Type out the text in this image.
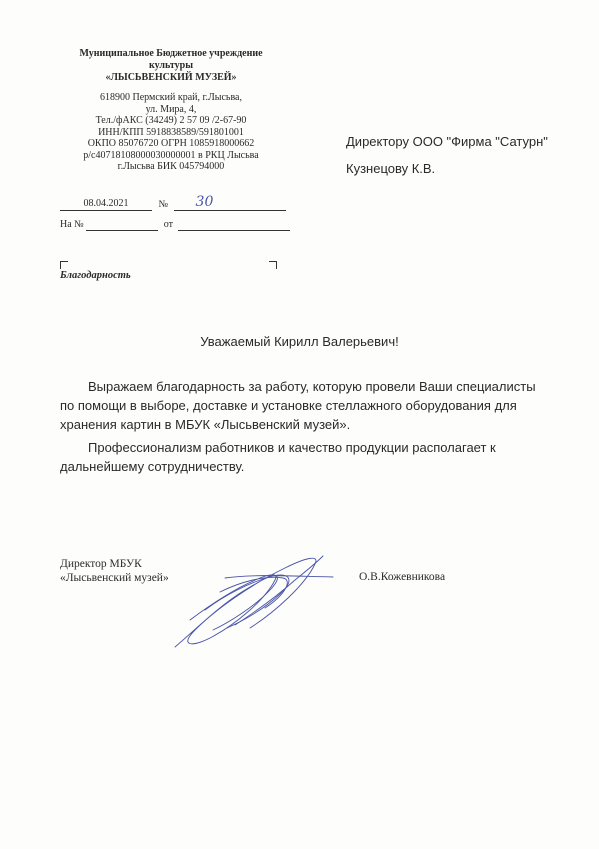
Муниципальное Бюджетное учреждение
культуры
«ЛЫСЬВЕНСКИЙ МУЗЕЙ»
618900 Пермский край, г.Лысьва,
ул. Мира, 4,
Тел./фАКС (34249) 2 57 09 /2-67-90
ИНН/КПП 5918838589/591801001
ОКПО 85076720 ОГРН 1085918000662
р/с40718108000030000001 в РКЦ Лысьва
г.Лысьва БИК 045794000
08.04.2021	№ 30
На №	от
Благодарность
Директору ООО "Фирма "Сатурн"
Кузнецову К.В.
Уважаемый Кирилл Валерьевич!

Выражаем благодарность за работу, которую провели Ваши специалисты по помощи в выборе, доставке и установке стеллажного оборудования для хранения картин в МБУК «Лысьвенский музей».

Профессионализм работников и качество продукции располагает к дальнейшему сотрудничеству.

Директор МБУК
«Лысьвенский музей»	О.В.Кожевникова
